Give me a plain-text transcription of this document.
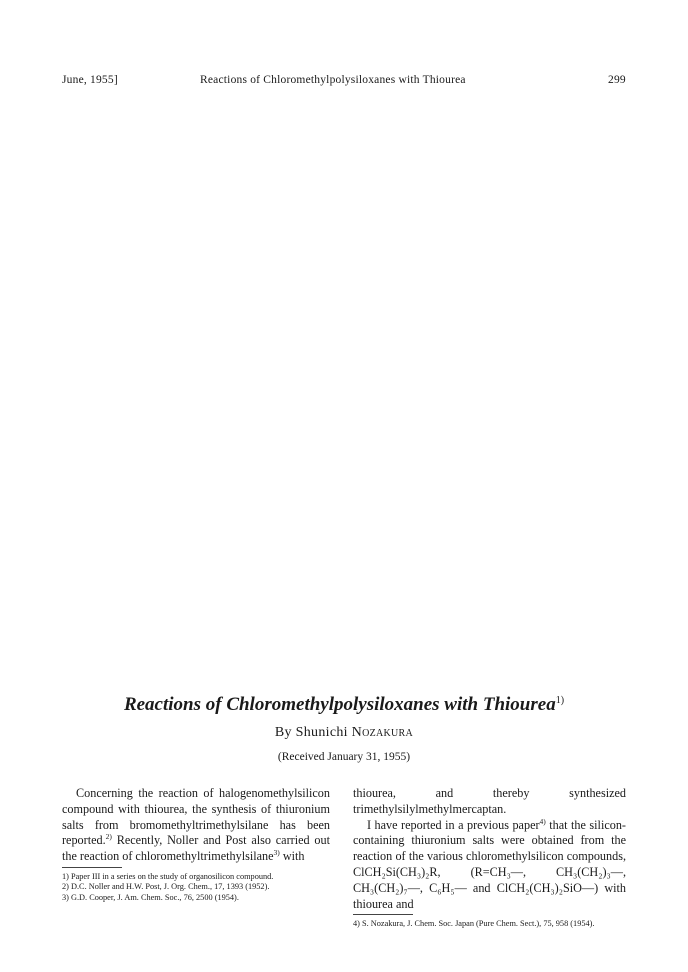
June, 1955]	Reactions of Chloromethylpolysiloxanes with Thiourea	299
Reactions of Chloromethylpolysiloxanes with Thiourea$^{1)}$
By Shunichi Nozakura
(Received January 31, 1955)

Concerning the reaction of halogenomethylsilicon compound with thiourea, the synthesis of thiuronium salts from bromomethyltrimethylsilane has been reported.$^{2)}$ Recently, Noller and Post also carried out the reaction of chloromethyltrimethylsilane$^{3)}$ with

1) Paper III in a series on the study of organosilicon compound.

2) D.C. Noller and H.W. Post, J. Org. Chem., 17, 1393 (1952).

3) G.D. Cooper, J. Am. Chem. Soc., 76, 2500 (1954).

thiourea, and thereby synthesized trimethylsilylmethylmercaptan.

I have reported in a previous paper$^{4)}$ that the silicon-containing thiuronium salts were obtained from the reaction of the various chloromethylsilicon compounds, ClCH₂Si(CH₃)₂R, (R=CH₃—, CH₃(CH₂)₃—, CH₃(CH₂)₇—, C₆H₅— and ClCH₂(CH₃)₂SiO—) with thiourea and

4) S. Nozakura, J. Chem. Soc. Japan (Pure Chem. Sect.), 75, 958 (1954).
